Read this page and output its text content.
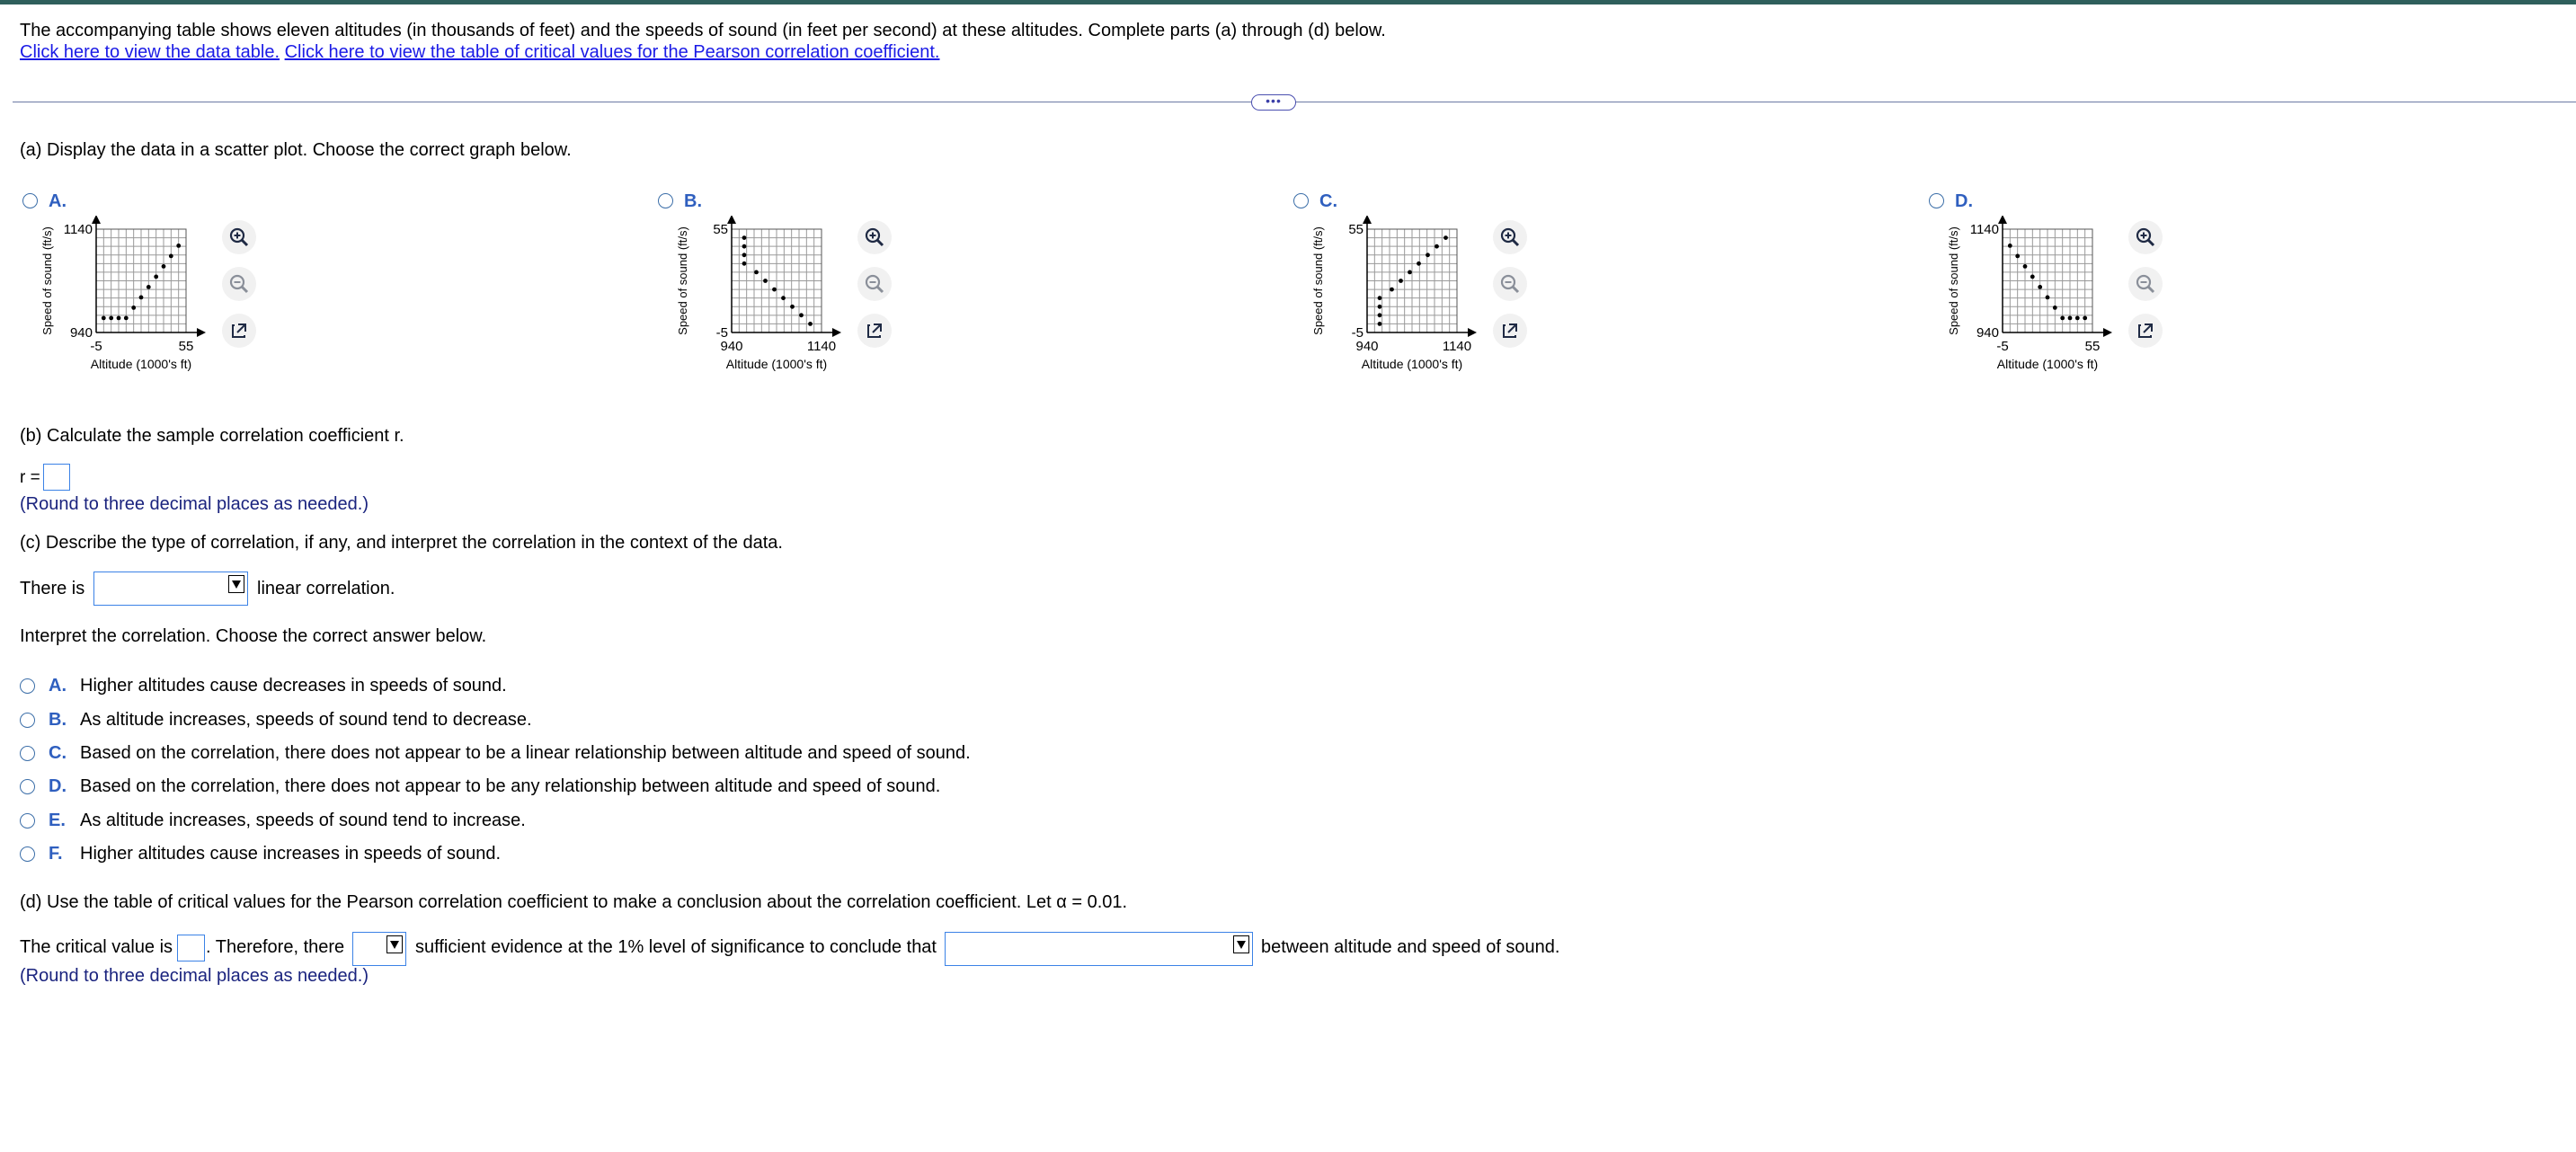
The accompanying table shows eleven altitudes (in thousands of feet) and the speeds of sound (in feet per second) at these altitudes. Complete parts (a) through (d) below.
Click here to view the data table. Click here to view the table of critical values for the Pearson correlation coefficient.
•••
(a) Display the data in a scatter plot. Choose the correct graph below.
A.
1140
940
-5	55
Altitude (1000's ft)
Speed of sound (ft/s)
B.
55
-5
940	1140
Altitude (1000's ft)
Speed of sound (ft/s)
C.
55
-5
940	1140
Altitude (1000's ft)
Speed of sound (ft/s)
D.
1140
940
-5	55
Altitude (1000's ft)
Speed of sound (ft/s)
(b) Calculate the sample correlation coefficient r.
r =
(Round to three decimal places as needed.)
(c) Describe the type of correlation, if any, and interpret the correlation in the context of the data.
There is	linear correlation.
Interpret the correlation. Choose the correct answer below.
A. Higher altitudes cause decreases in speeds of sound.
B. As altitude increases, speeds of sound tend to decrease.
C. Based on the correlation, there does not appear to be a linear relationship between altitude and speed of sound.
D. Based on the correlation, there does not appear to be any relationship between altitude and speed of sound.
E. As altitude increases, speeds of sound tend to increase.
F. Higher altitudes cause increases in speeds of sound.
(d) Use the table of critical values for the Pearson correlation coefficient to make a conclusion about the correlation coefficient. Let α = 0.01.
The critical value is . Therefore, there	sufficient evidence at the 1% level of significance to conclude that	between altitude and speed of sound.
(Round to three decimal places as needed.)
